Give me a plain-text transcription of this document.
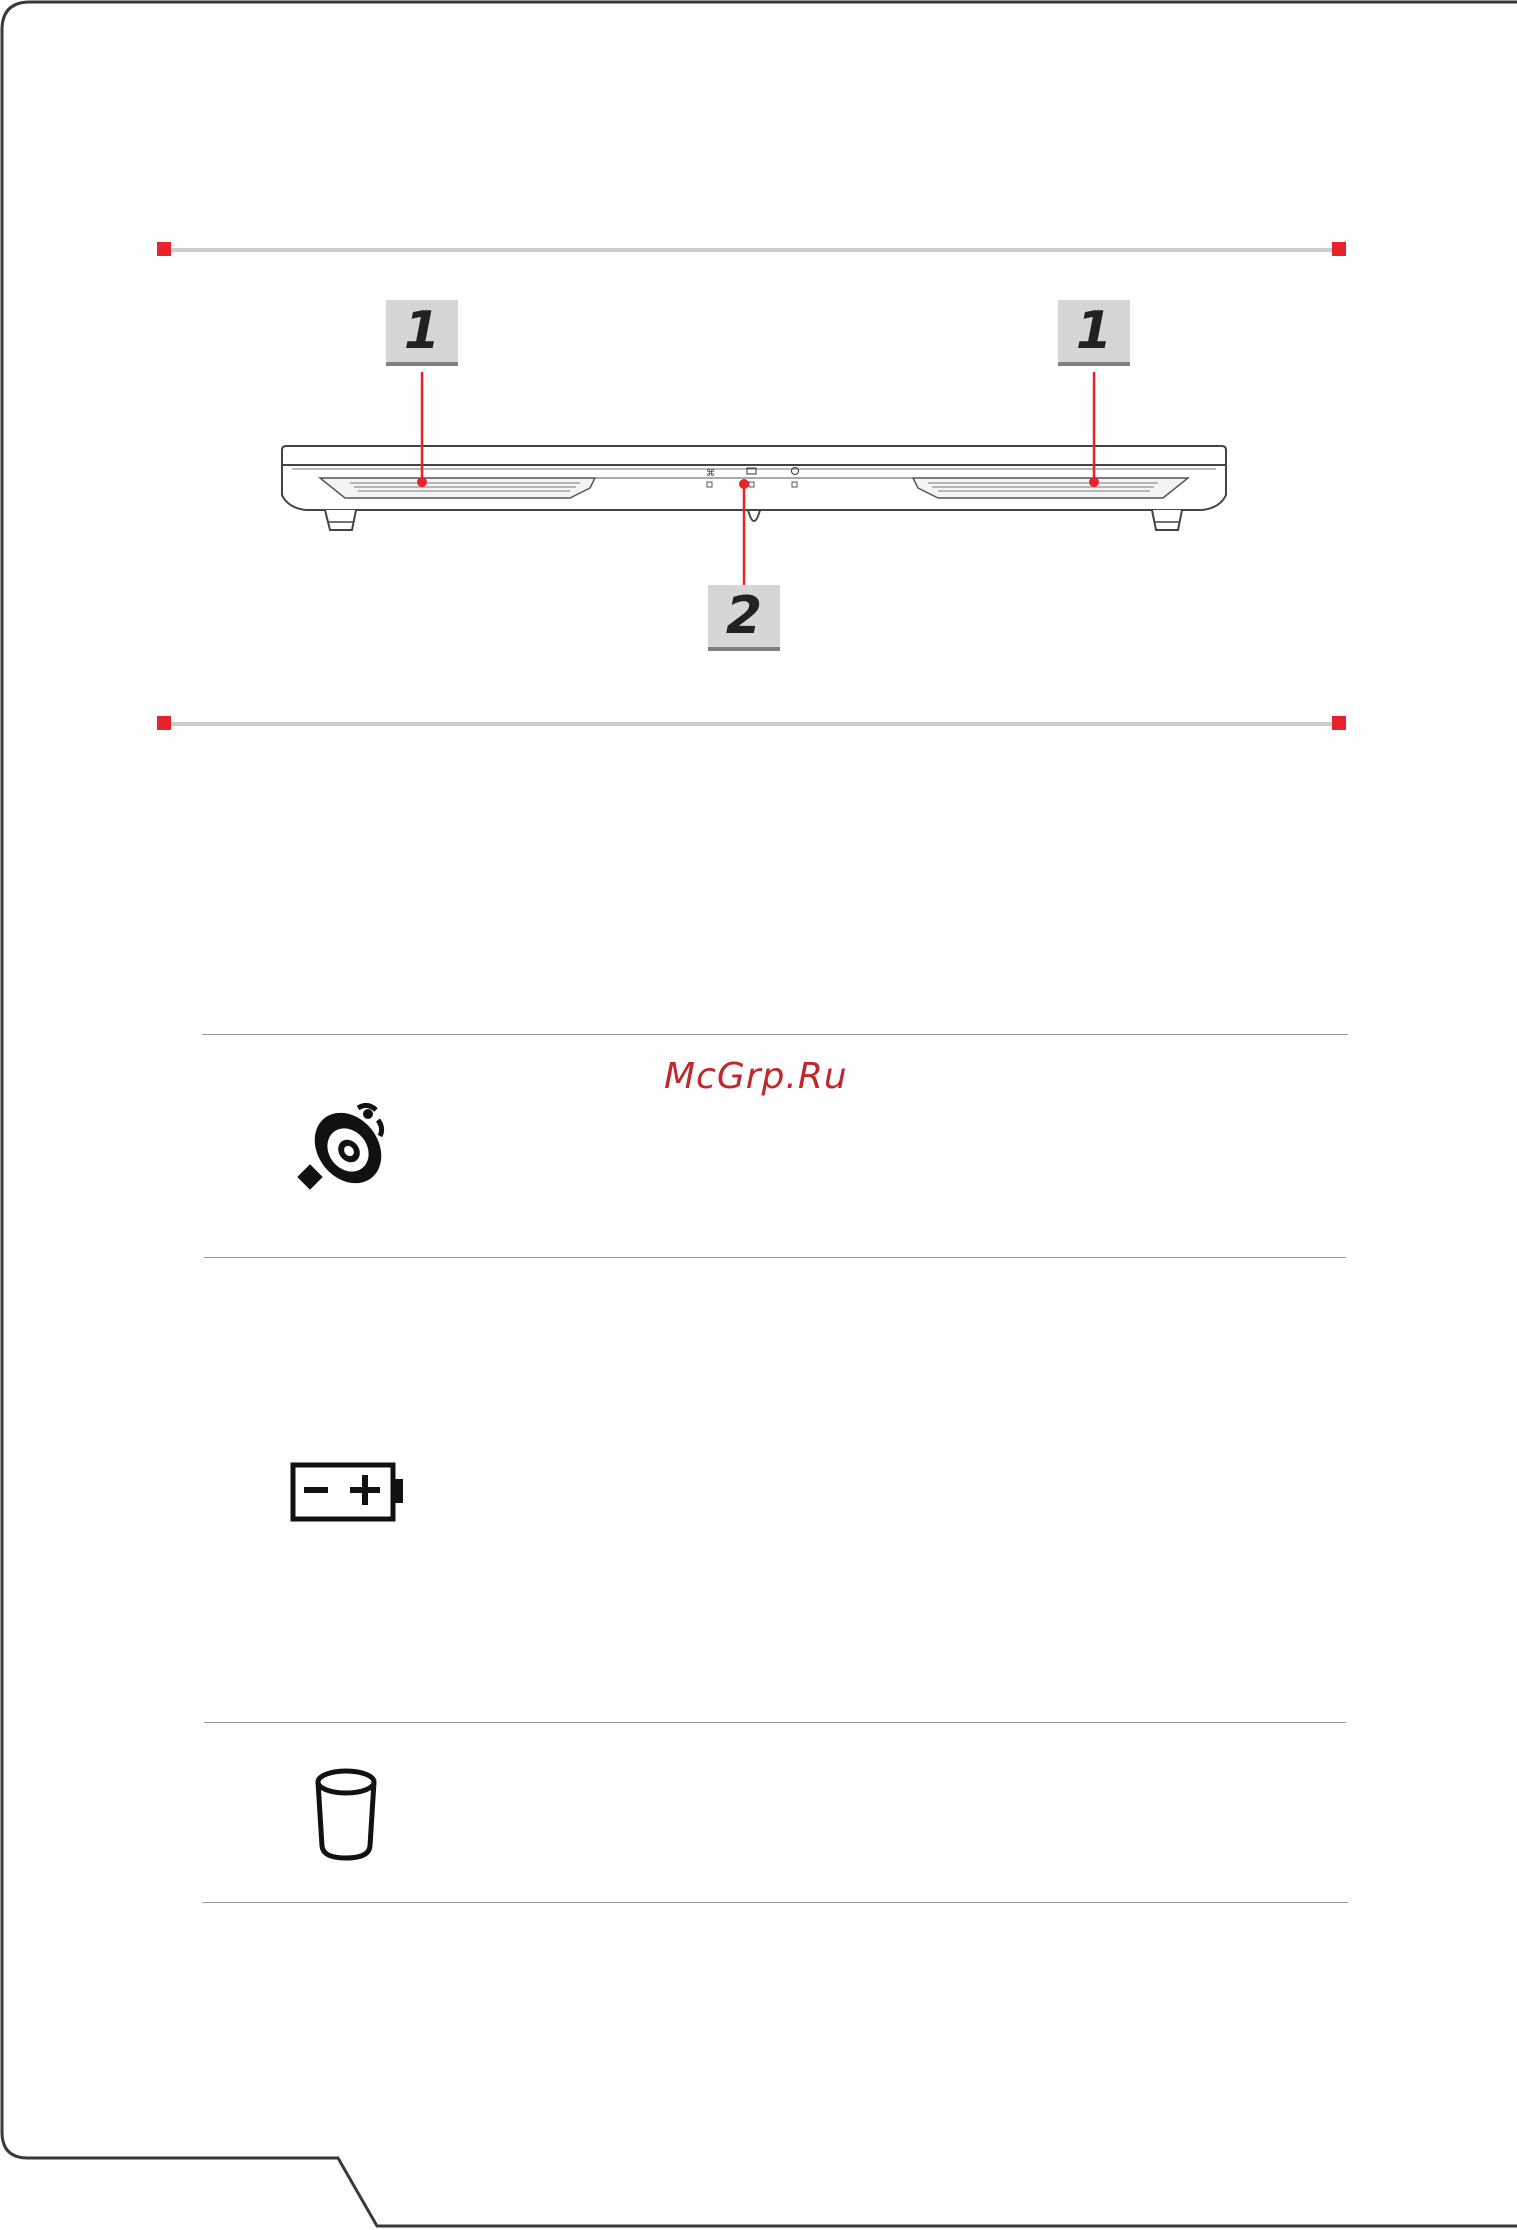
1	1
2
⌘
McGrp.Ru
